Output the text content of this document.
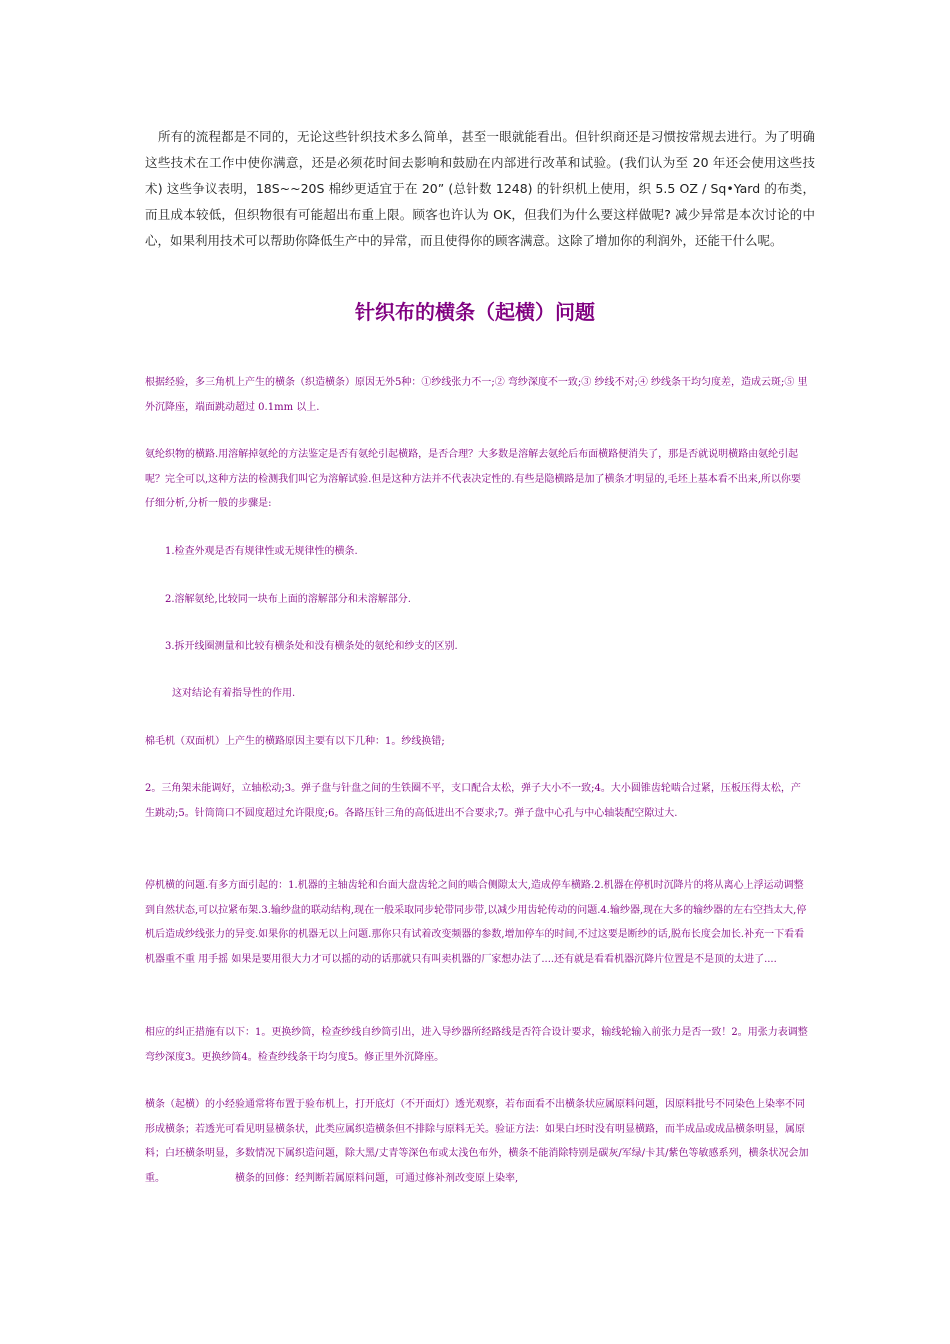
所有的流程都是不同的，无论这些针织技术多么简单，甚至一眼就能看出。但针织商还是习惯按常规去进行。为了明确这些技术在工作中使你满意，还是必须花时间去影响和鼓励在内部进行改革和试验。(我们认为至 20 年还会使用这些技术) 这些争议表明，18S~~20S 棉纱更适宜于在 20” (总针数 1248) 的针织机上使用，织 5.5 OZ / Sq•Yard 的布类，而且成本较低，但织物很有可能超出布重上限。顾客也许认为 OK，但我们为什么要这样做呢? 减少异常是本次讨论的中心，如果利用技术可以帮助你降低生产中的异常，而且使得你的顾客满意。这除了增加你的利润外，还能干什么呢。

针织布的横条（起横）问题

根据经验，多三角机上产生的横条（织造横条）原因无外5种：①纱线张力不一;② 弯纱深度不一致;③ 纱线不对;④ 纱线条干均匀度差，造成云斑;⑤ 里外沉降座，端面跳动超过 0.1mm 以上.

氨纶织物的横路.用溶解掉氨纶的方法鉴定是否有氨纶引起横路，是否合理？大多数是溶解去氨纶后布面横路便消失了，那是否就说明横路由氨纶引起呢？完全可以,这种方法的检测我们叫它为溶解试验.但是这种方法并不代表决定性的.有些是隐横路是加了横条才明显的,毛坯上基本看不出来,所以你要仔细分析,分析一般的步骤是:

1.检查外观是否有规律性或无规律性的横条.

2.溶解氨纶,比较同一块布上面的溶解部分和未溶解部分.

3.拆开线圈测量和比较有横条处和没有横条处的氨纶和纱支的区别.

这对结论有着指导性的作用.

棉毛机（双面机）上产生的横路原因主要有以下几种：1。纱线换错;

2。三角架未能调好，立轴松动;3。弹子盘与针盘之间的生铁圈不平，支口配合太松，弹子大小不一致;4。大小圆锥齿轮啮合过紧，压板压得太松，产生跳动;5。针筒筒口不圆度超过允许限度;6。各路压针三角的高低进出不合要求;7。弹子盘中心孔与中心轴装配空隙过大.

停机横的问题.有多方面引起的：1.机器的主轴齿轮和台面大盘齿轮之间的啮合侧隙太大,造成停车横路.2.机器在停机时沉降片的将从离心上浮运动调整到自然状态,可以拉紧布架.3.输纱盘的联动结构,现在一般采取同步轮带同步带,以减少用齿轮传动的问题.4.输纱器,现在大多的输纱器的左右空挡太大,停机后造成纱线张力的异变.如果你的机器无以上问题.那你只有试着改变频器的参数,增加停车的时间,不过这要是断纱的话,脱布长度会加长.补充一下看看机器重不重 用手摇 如果是要用很大力才可以摇的动的话那就只有叫卖机器的厂家想办法了....还有就是看看机器沉降片位置是不是顶的太进了....

相应的纠正措施有以下：1。更换纱筒，检查纱线自纱筒引出，进入导纱器所经路线是否符合设计要求，输线轮输入前张力是否一致！2。用张力表调整弯纱深度3。更换纱筒4。检查纱线条干均匀度5。修正里外沉降座。

横条（起横）的小经验通常将布置于验布机上，打开底灯（不开面灯）透光观察，若布面看不出横条状应属原料问题，因原料批号不同染色上染率不同形成横条；若透光可看见明显横条状，此类应属织造横条但不排除与原料无关。验证方法：如果白坯时没有明显横路，而半成品或成品横条明显，属原料；白坯横条明显，多数情况下属织造问题，除大黑/丈青等深色布或太浅色布外，横条不能消除特别是碳灰/军绿/卡其/紫色等敏感系列，横条状况会加重。	横条的回修：经判断若属原料问题，可通过修补剂改变原上染率,
